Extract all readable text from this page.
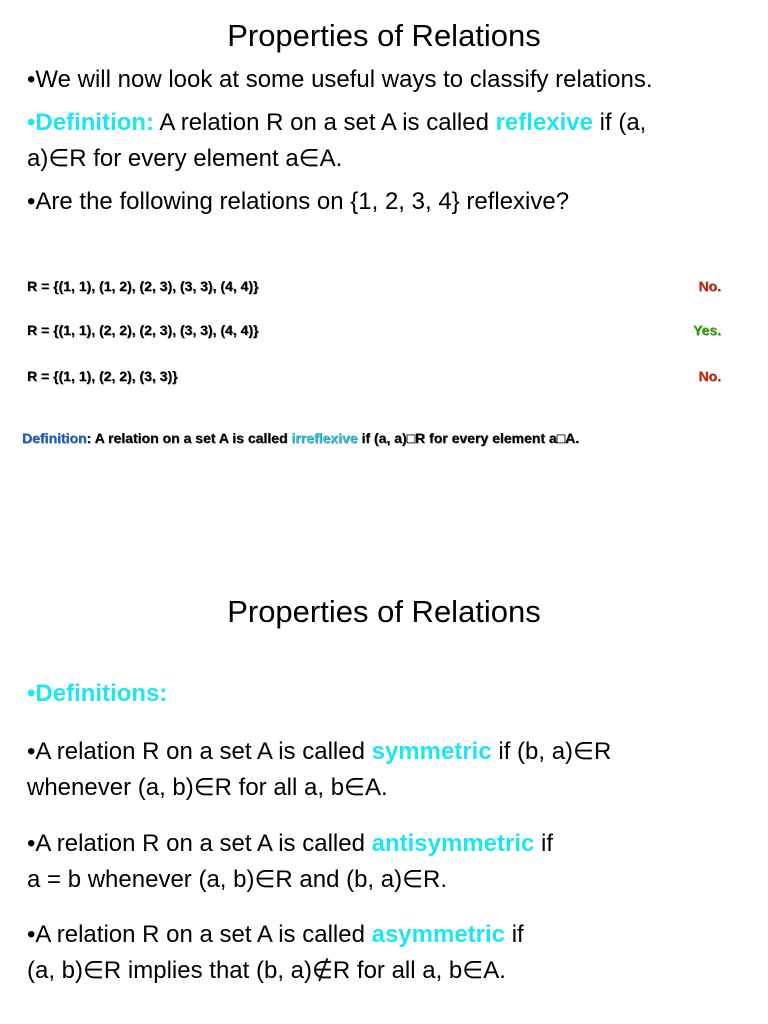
Properties of Relations
•We will now look at some useful ways to classify relations.
•Definition: A relation R on a set A is called reflexive if (a,
a)∈R for every element a∈A.
•Are the following relations on {1, 2, 3, 4} reflexive?
R = {(1, 1), (1, 2), (2, 3), (3, 3), (4, 4)}	No.
R = {(1, 1), (2, 2), (2, 3), (3, 3), (4, 4)}	Yes.
R = {(1, 1), (2, 2), (3, 3)}	No.
Definition: A relation on a set A is called irreflexive if (a, a)□R for every element a□A.
Properties of Relations
•Definitions:
•A relation R on a set A is called symmetric if (b, a)∈R
whenever (a, b)∈R for all a, b∈A.
•A relation R on a set A is called antisymmetric if
a = b whenever (a, b)∈R and (b, a)∈R.
•A relation R on a set A is called asymmetric if
(a, b)∈R implies that (b, a)∉R for all a, b∈A.
